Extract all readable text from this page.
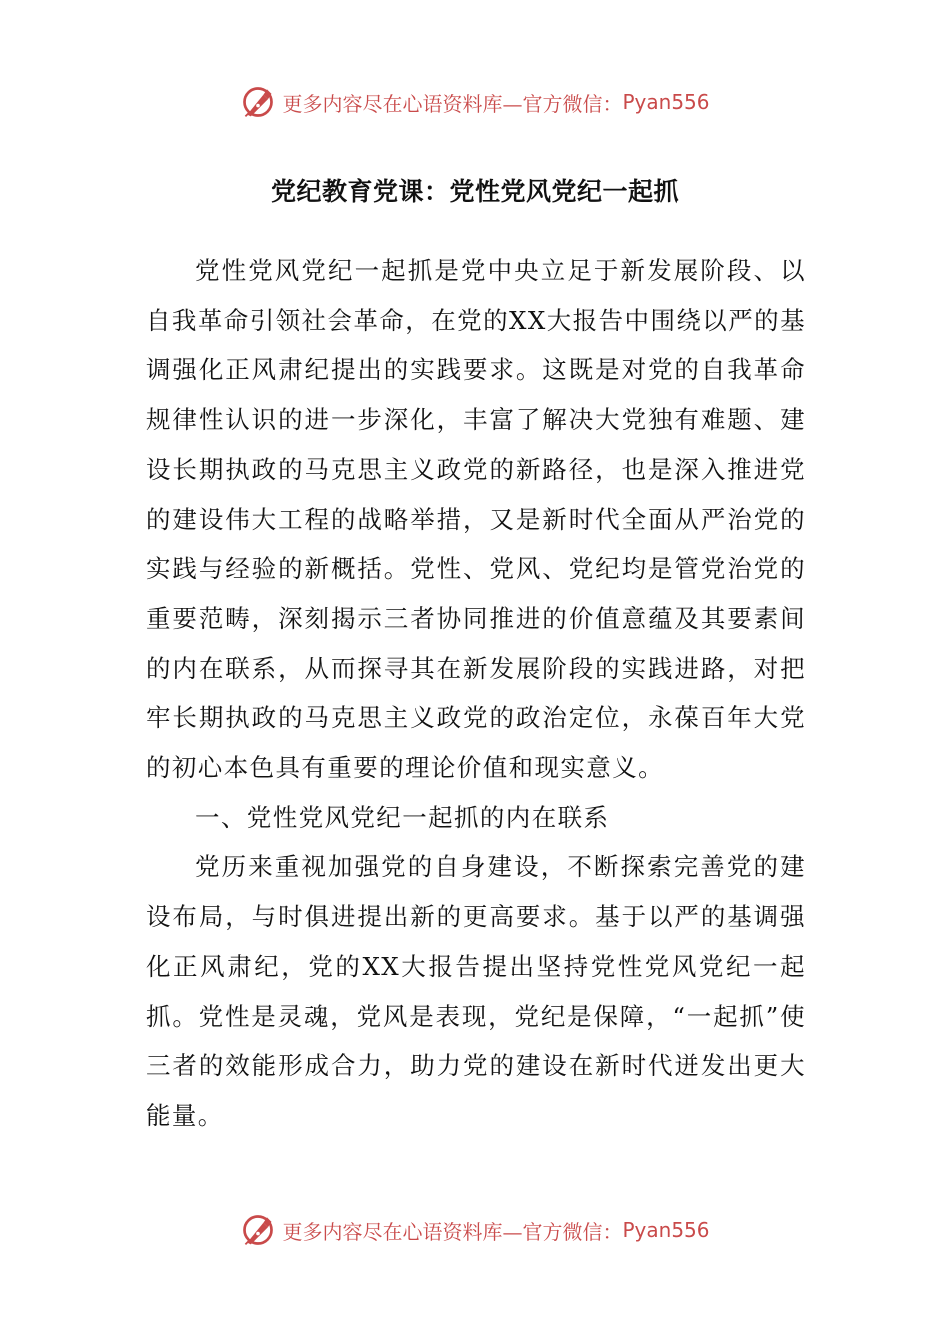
更多内容尽在心语资料库—官方微信： Pyan556
党纪教育党课：党性党风党纪一起抓

党性党风党纪一起抓是党中央立足于新发展阶段、以自我革命引领社会革命，在党的XX大报告中围绕以严的基调强化正风肃纪提出的实践要求。这既是对党的自我革命规律性认识的进一步深化，丰富了解决大党独有难题、建设长期执政的马克思主义政党的新路径，也是深入推进党的建设伟大工程的战略举措，又是新时代全面从严治党的实践与经验的新概括。党性、党风、党纪均是管党治党的重要范畴，深刻揭示三者协同推进的价值意蕴及其要素间的内在联系，从而探寻其在新发展阶段的实践进路，对把牢长期执政的马克思主义政党的政治定位，永葆百年大党的初心本色具有重要的理论价值和现实意义。

一、党性党风党纪一起抓的内在联系

党历来重视加强党的自身建设，不断探索完善党的建设布局，与时俱进提出新的更高要求。基于以严的基调强化正风肃纪，党的XX大报告提出坚持党性党风党纪一起抓。党性是灵魂，党风是表现，党纪是保障，“一起抓”使三者的效能形成合力，助力党的建设在新时代迸发出更大能量。

更多内容尽在心语资料库—官方微信： Pyan556
